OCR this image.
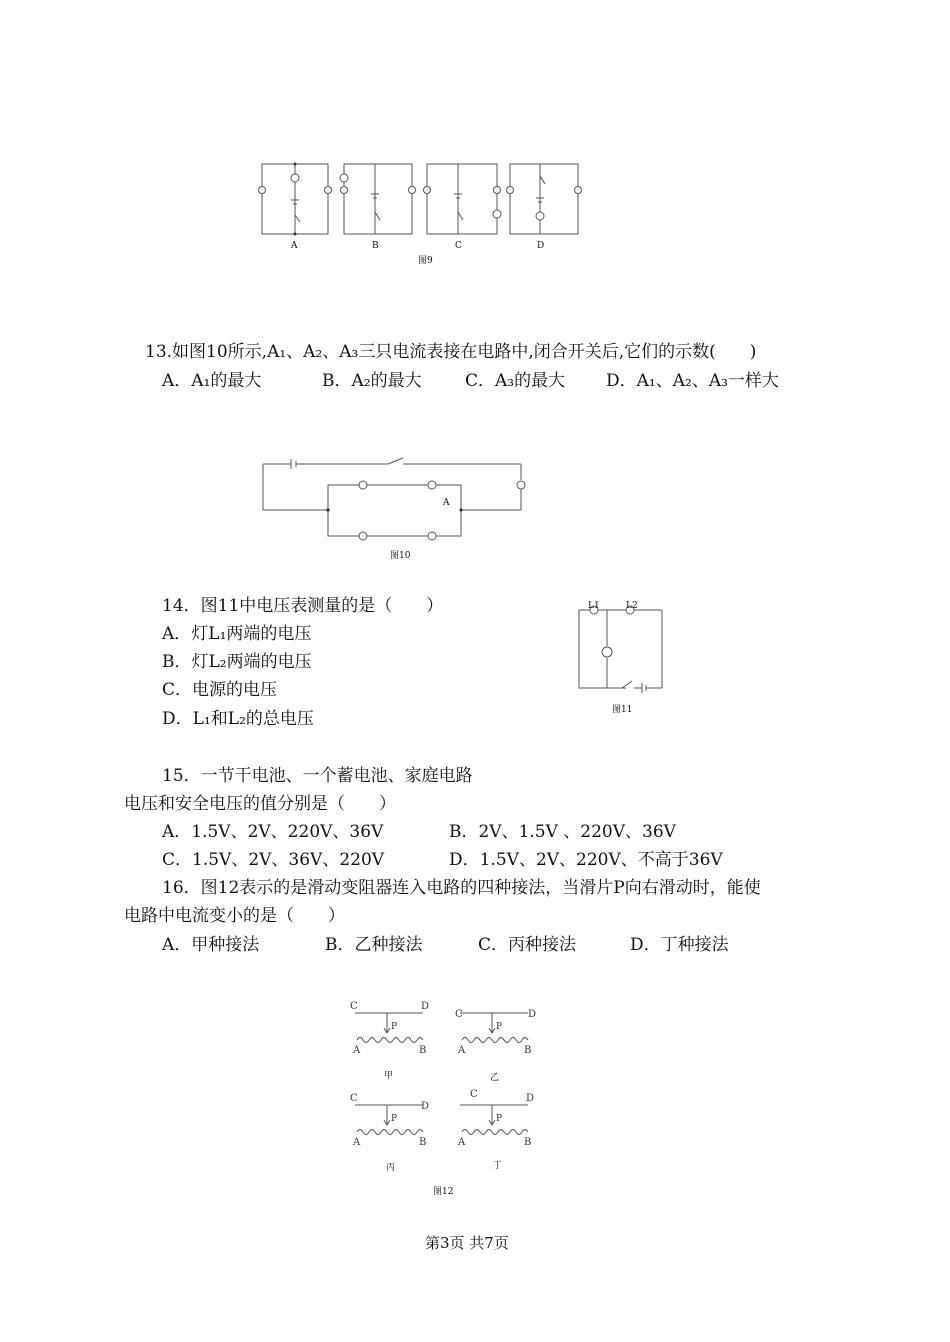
A	B	C	D
图9
13.如图10所示,A₁、A₂、A₃三只电流表接在电路中,闭合开关后,它们的示数(　　)
A．A₁的最大	B．A₂的最大	C．A₃的最大 D．A₁、A₂、A₃一样大
A
图10
14．图11中电压表测量的是（　　）
A．灯L₁两端的电压
B．灯L₂两端的电压
C．电源的电压
D．L₁和L₂的总电压
L1	L2
图11
15．一节干电池、一个蓄电池、家庭电路
电压和安全电压的值分别是（　　）
A．1.5V、2V、220V、36V	B．2V、1.5V 、220V、36V
C．1.5V、2V、36V、220V	D．1.5V、2V、220V、不高于36V
16．图12表示的是滑动变阻器连入电路的四种接法，当滑片P向右滑动时，能使
电路中电流变小的是（　　）
A．甲种接法	B．乙种接法	C．丙种接法	D．丁种接法
C	D
P
A	B
C	D
P
A	B
C
D
P
A	B
C	D
P
A	B
甲	乙
丙	丁
图12
第3页 共7页
